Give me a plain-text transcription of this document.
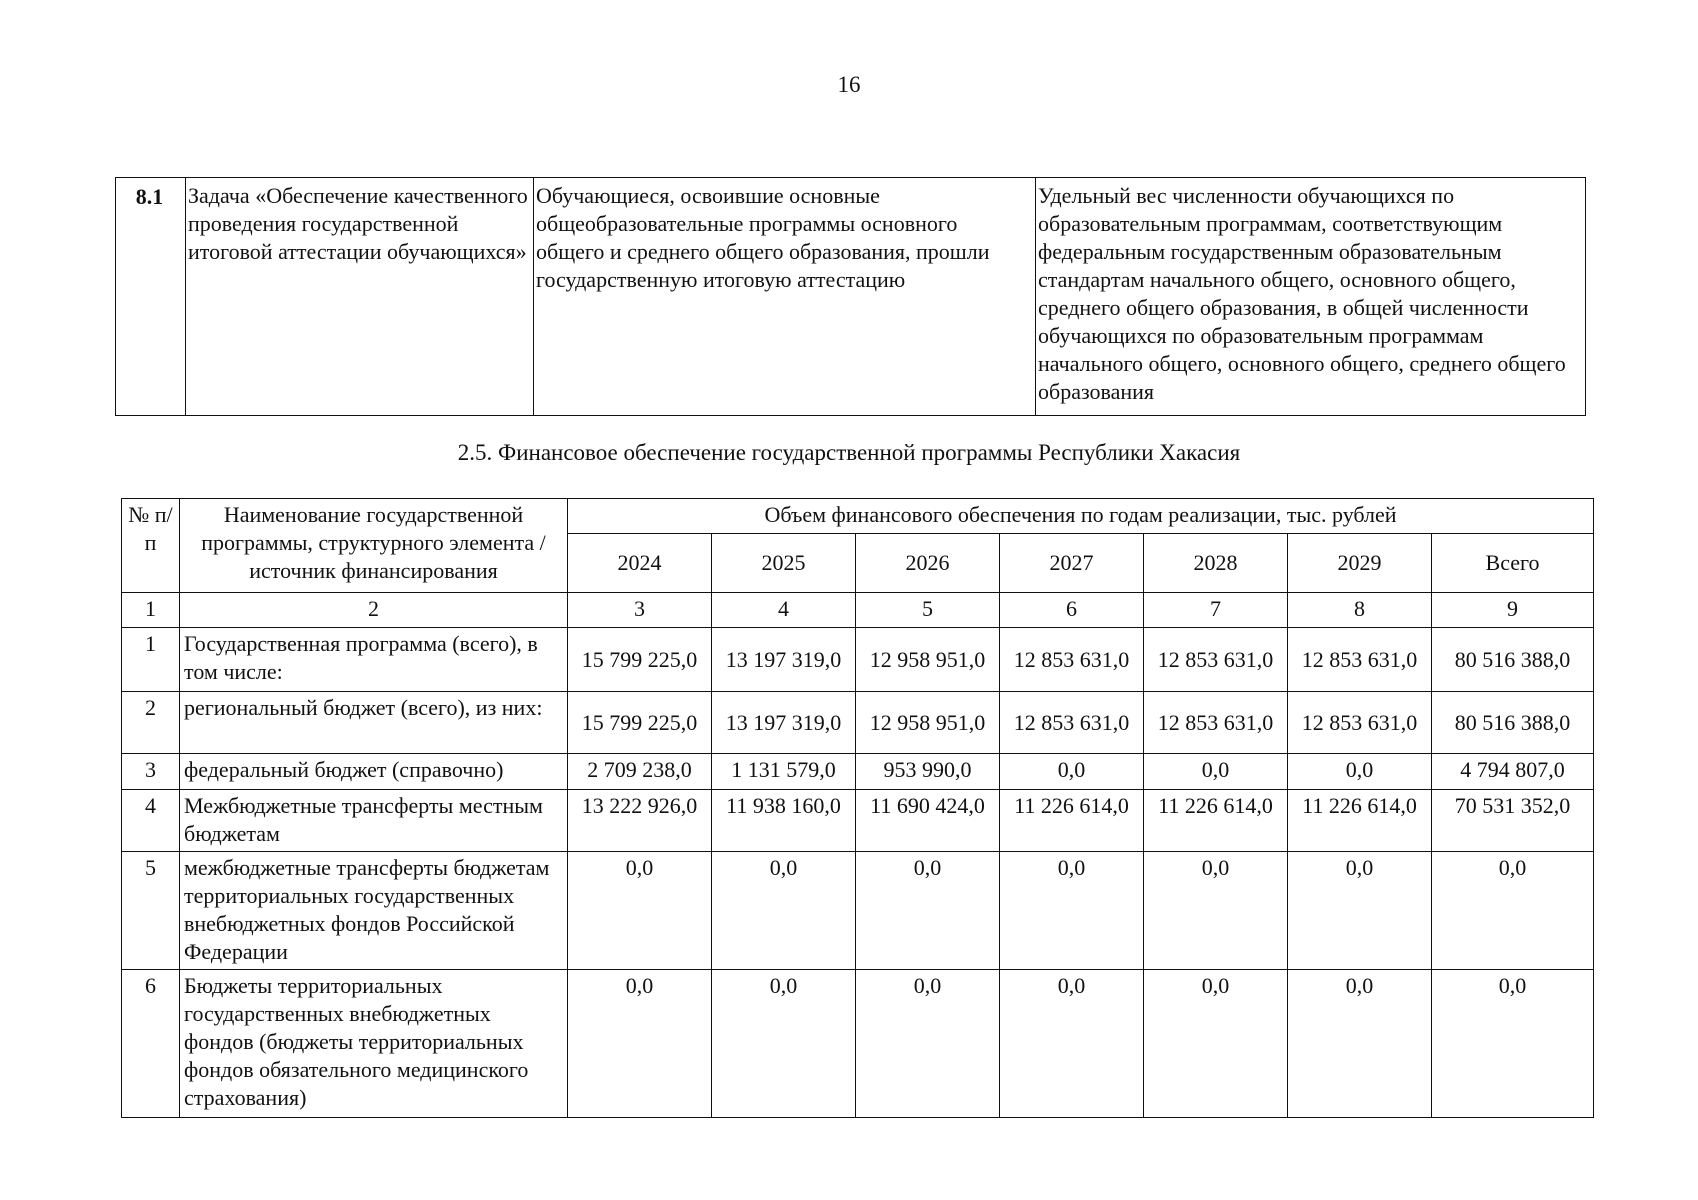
16
8.1	Задача «Обеспечение качественного проведения государственной итоговой аттестации обучающихся»	Обучающиеся, освоившие основные общеобразовательные программы основного общего и среднего общего образования, прошли государственную итоговую аттестацию	Удельный вес численности обучающихся по образовательным программам, соответствующим федеральным государственным образовательным стандартам начального общего, основного общего, среднего общего образования, в общей численности обучающихся по образовательным программам начального общего, основного общего, среднего общего образования
2.5. Финансовое обеспечение государственной программы Республики Хакасия
№ п/п	Наименование государственной программы, структурного элемента / источник финансирования	Объем финансового обеспечения по годам реализации, тыс. рублей						
		2024	2025	2026	2027	2028	2029	Всего
1	2	3	4	5	6	7	8	9
1	Государственная программа (всего), в том числе:	15 799 225,0	13 197 319,0	12 958 951,0	12 853 631,0	12 853 631,0	12 853 631,0	80 516 388,0
2	региональный бюджет (всего), из них:	15 799 225,0	13 197 319,0	12 958 951,0	12 853 631,0	12 853 631,0	12 853 631,0	80 516 388,0
3	федеральный бюджет (справочно)	2 709 238,0	1 131 579,0	953 990,0	0,0	0,0	0,0	4 794 807,0
4	Межбюджетные трансферты местным бюджетам	13 222 926,0	11 938 160,0	11 690 424,0	11 226 614,0	11 226 614,0	11 226 614,0	70 531 352,0
5	межбюджетные трансферты бюджетам территориальных государственных внебюджетных фондов Российской Федерации	0,0	0,0	0,0	0,0	0,0	0,0	0,0
6	Бюджеты территориальных государственных внебюджетных фондов (бюджеты территориальных фондов обязательного медицинского страхования)	0,0	0,0	0,0	0,0	0,0	0,0	0,0
